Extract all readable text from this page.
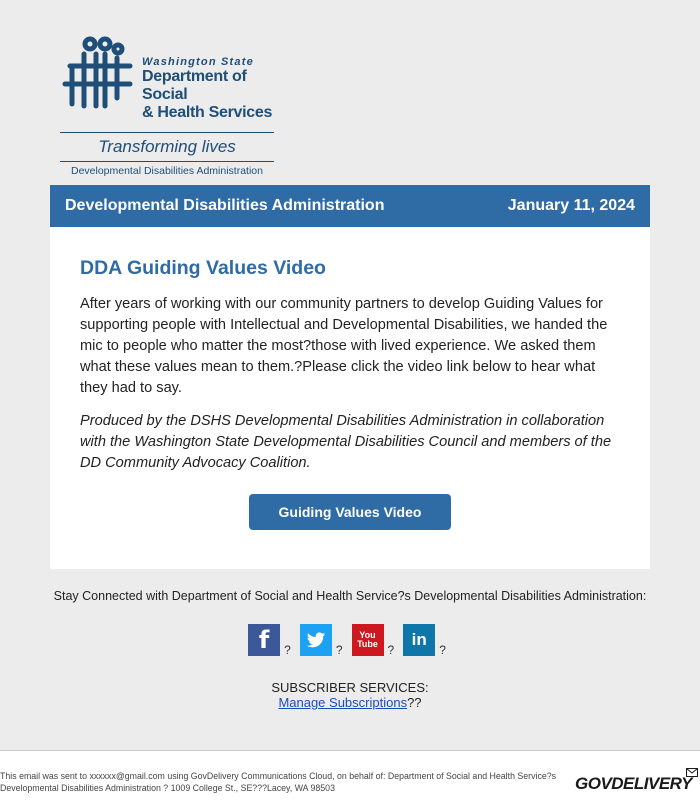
Washington State
Department of Social
& Health Services
Transforming lives
Developmental Disabilities Administration
Developmental Disabilities Administration	January 11, 2024
DDA Guiding Values Video

After years of working with our community partners to develop Guiding Values for supporting people with Intellectual and Developmental Disabilities, we handed the mic to people who matter the most?those with lived experience. We asked them what these values mean to them.?Please click the video link below to hear what they had to say.

Produced by the DSHS Developmental Disabilities Administration in collaboration with the Washington State Developmental Disabilities Council and members of the DD Community Advocacy Coalition.

Guiding Values Video
Stay Connected with Department of Social and Health Service?s Developmental Disabilities Administration:
f	?	?
You Tube ?
in
?
SUBSCRIBER SERVICES:
Manage Subscriptions??
This email was sent to xxxxxx@gmail.com using GovDelivery Communications Cloud, on behalf of: Department of Social and Health Service?s Developmental Disabilities Administration ? 1009 College St., SE???Lacey, WA 98503	GOVDELIVERY
